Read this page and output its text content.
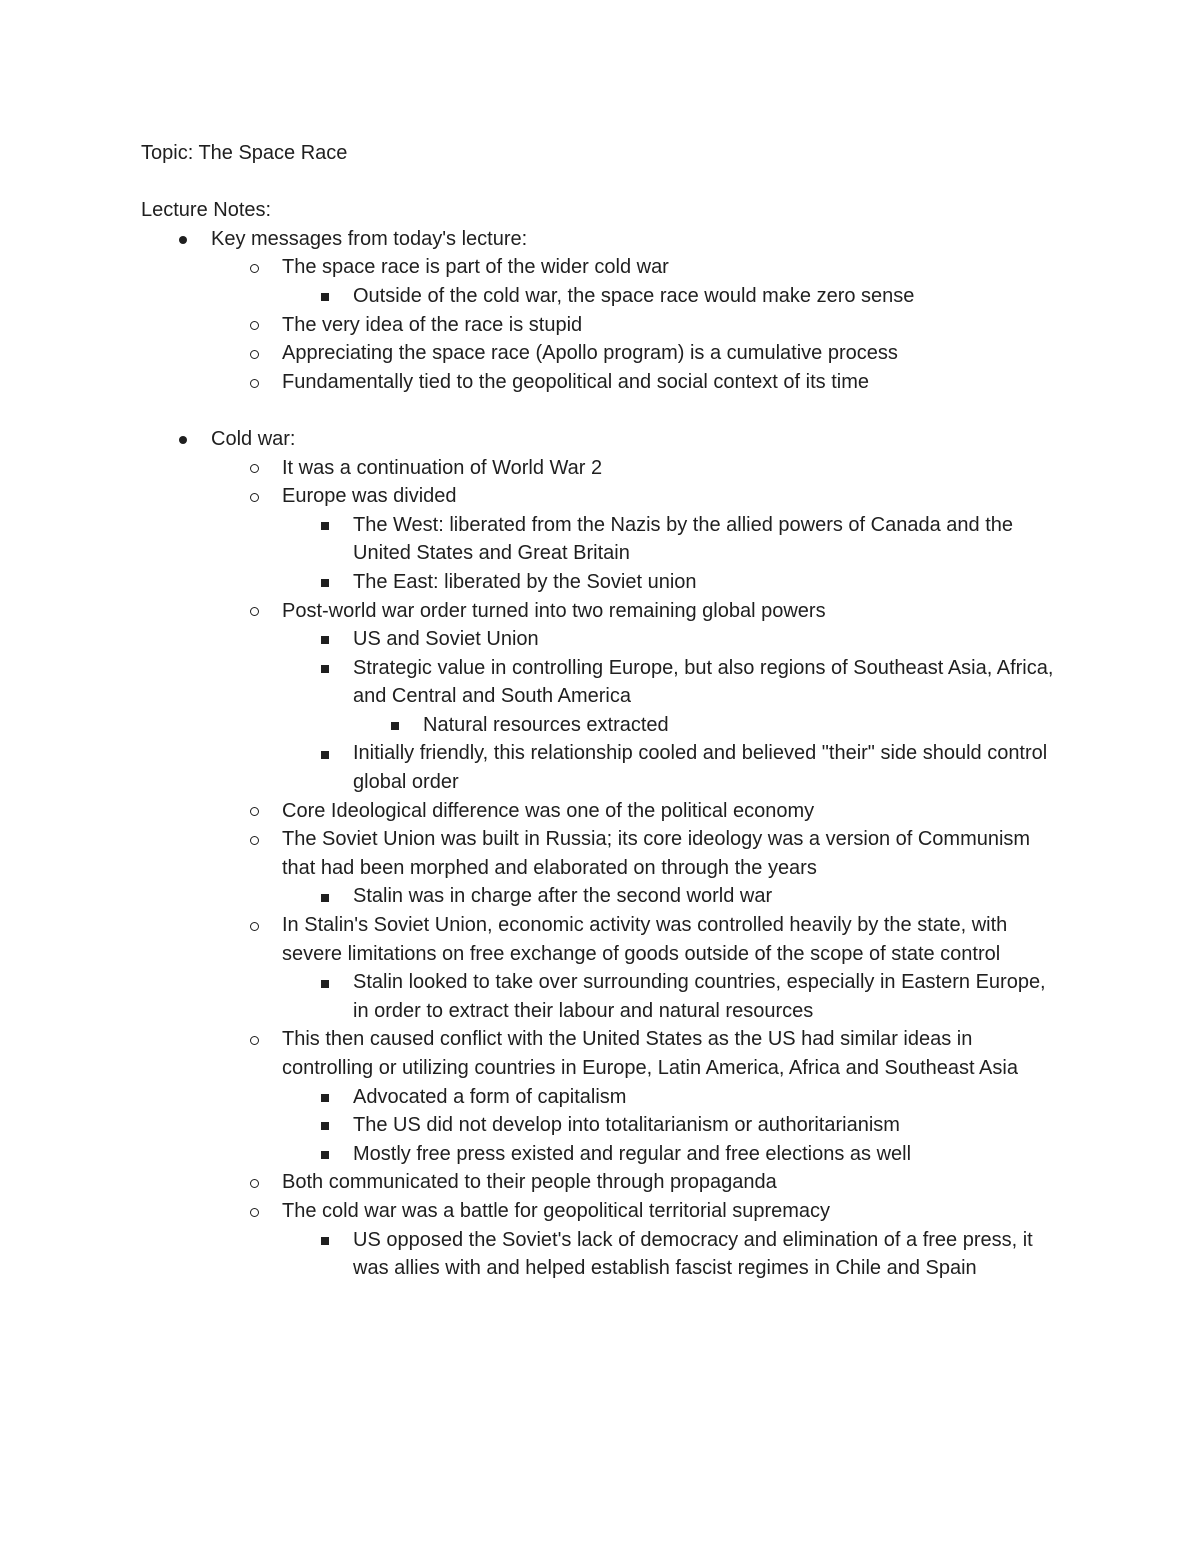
Topic: The Space Race

Lecture Notes:

Key messages from today's lecture:
The space race is part of the wider cold war
Outside of the cold war, the space race would make zero sense
The very idea of the race is stupid
Appreciating the space race (Apollo program) is a cumulative process
Fundamentally tied to the geopolitical and social context of its time
Cold war:
It was a continuation of World War 2
Europe was divided
The West: liberated from the Nazis by the allied powers of Canada and the United States and Great Britain
The East: liberated by the Soviet union
Post-world war order turned into two remaining global powers
US and Soviet Union
Strategic value in controlling Europe, but also regions of Southeast Asia, Africa, and Central and South America
Natural resources extracted
Initially friendly, this relationship cooled and believed "their" side should control global order
Core Ideological difference was one of the political economy
The Soviet Union was built in Russia; its core ideology was a version of Communism that had been morphed and elaborated on through the years
Stalin was in charge after the second world war
In Stalin's Soviet Union, economic activity was controlled heavily by the state, with severe limitations on free exchange of goods outside of the scope of state control
Stalin looked to take over surrounding countries, especially in Eastern Europe, in order to extract their labour and natural resources
This then caused conflict with the United States as the US had similar ideas in controlling or utilizing countries in Europe, Latin America, Africa and Southeast Asia
Advocated a form of capitalism
The US did not develop into totalitarianism or authoritarianism
Mostly free press existed and regular and free elections as well
Both communicated to their people through propaganda
The cold war was a battle for geopolitical territorial supremacy
US opposed the Soviet's lack of democracy and elimination of a free press, it was allies with and helped establish fascist regimes in Chile and Spain
